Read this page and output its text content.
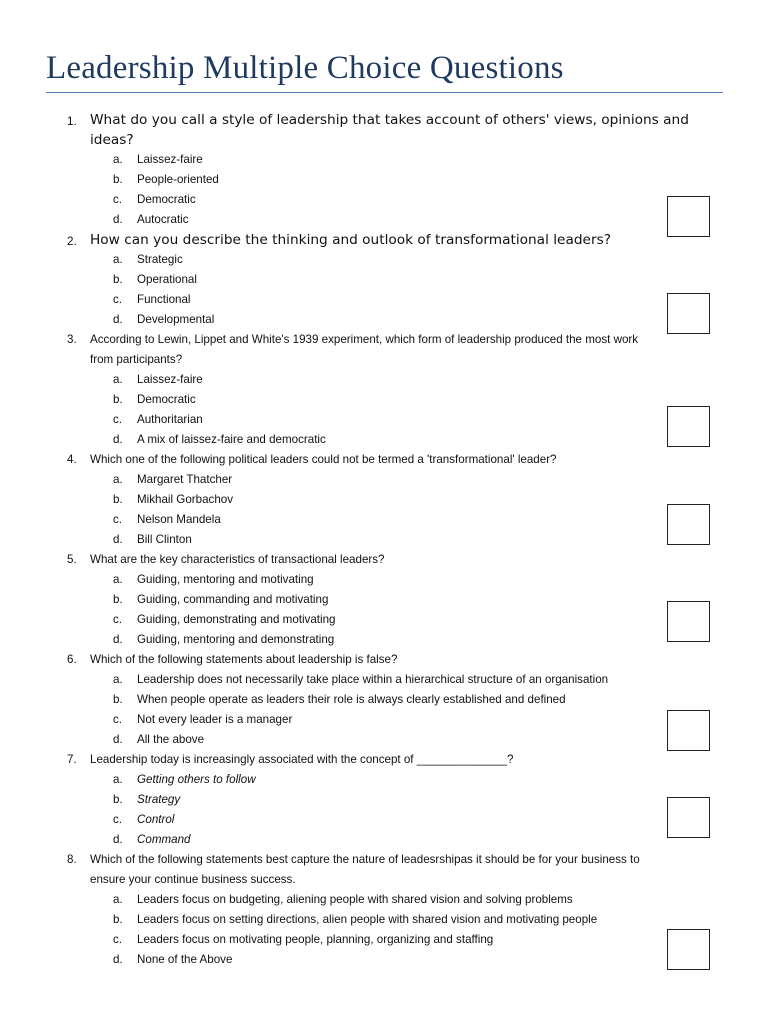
Leadership Multiple Choice Questions
1. What do you call a style of leadership that takes account of others' views, opinions and
ideas?
a. Laissez-faire
b. People-oriented
c. Democratic
d. Autocratic
2. How can you describe the thinking and outlook of transformational leaders?
a. Strategic
b. Operational
c. Functional
d. Developmental
3. According to Lewin, Lippet and White's 1939 experiment, which form of leadership produced the most work
from participants?
a. Laissez-faire
b. Democratic
c. Authoritarian
d. A mix of laissez-faire and democratic
4. Which one of the following political leaders could not be termed a 'transformational' leader?
a. Margaret Thatcher
b. Mikhail Gorbachov
c. Nelson Mandela
d. Bill Clinton
5. What are the key characteristics of transactional leaders?
a. Guiding, mentoring and motivating
b. Guiding, commanding and motivating
c. Guiding, demonstrating and motivating
d. Guiding, mentoring and demonstrating
6. Which of the following statements about leadership is false?
a. Leadership does not necessarily take place within a hierarchical structure of an organisation
b. When people operate as leaders their role is always clearly established and defined
c. Not every leader is a manager
d. All the above
7. Leadership today is increasingly associated with the concept of ______________?
a. Getting others to follow
b. Strategy
c. Control
d. Command
8. Which of the following statements best capture the nature of leadesrshipas it should be for your business to
ensure your continue business success.
a. Leaders focus on budgeting, aliening people with shared vision and solving problems
b. Leaders focus on setting directions, alien people with shared vision and motivating people
c. Leaders focus on motivating people, planning, organizing and staffing
d. None of the Above
